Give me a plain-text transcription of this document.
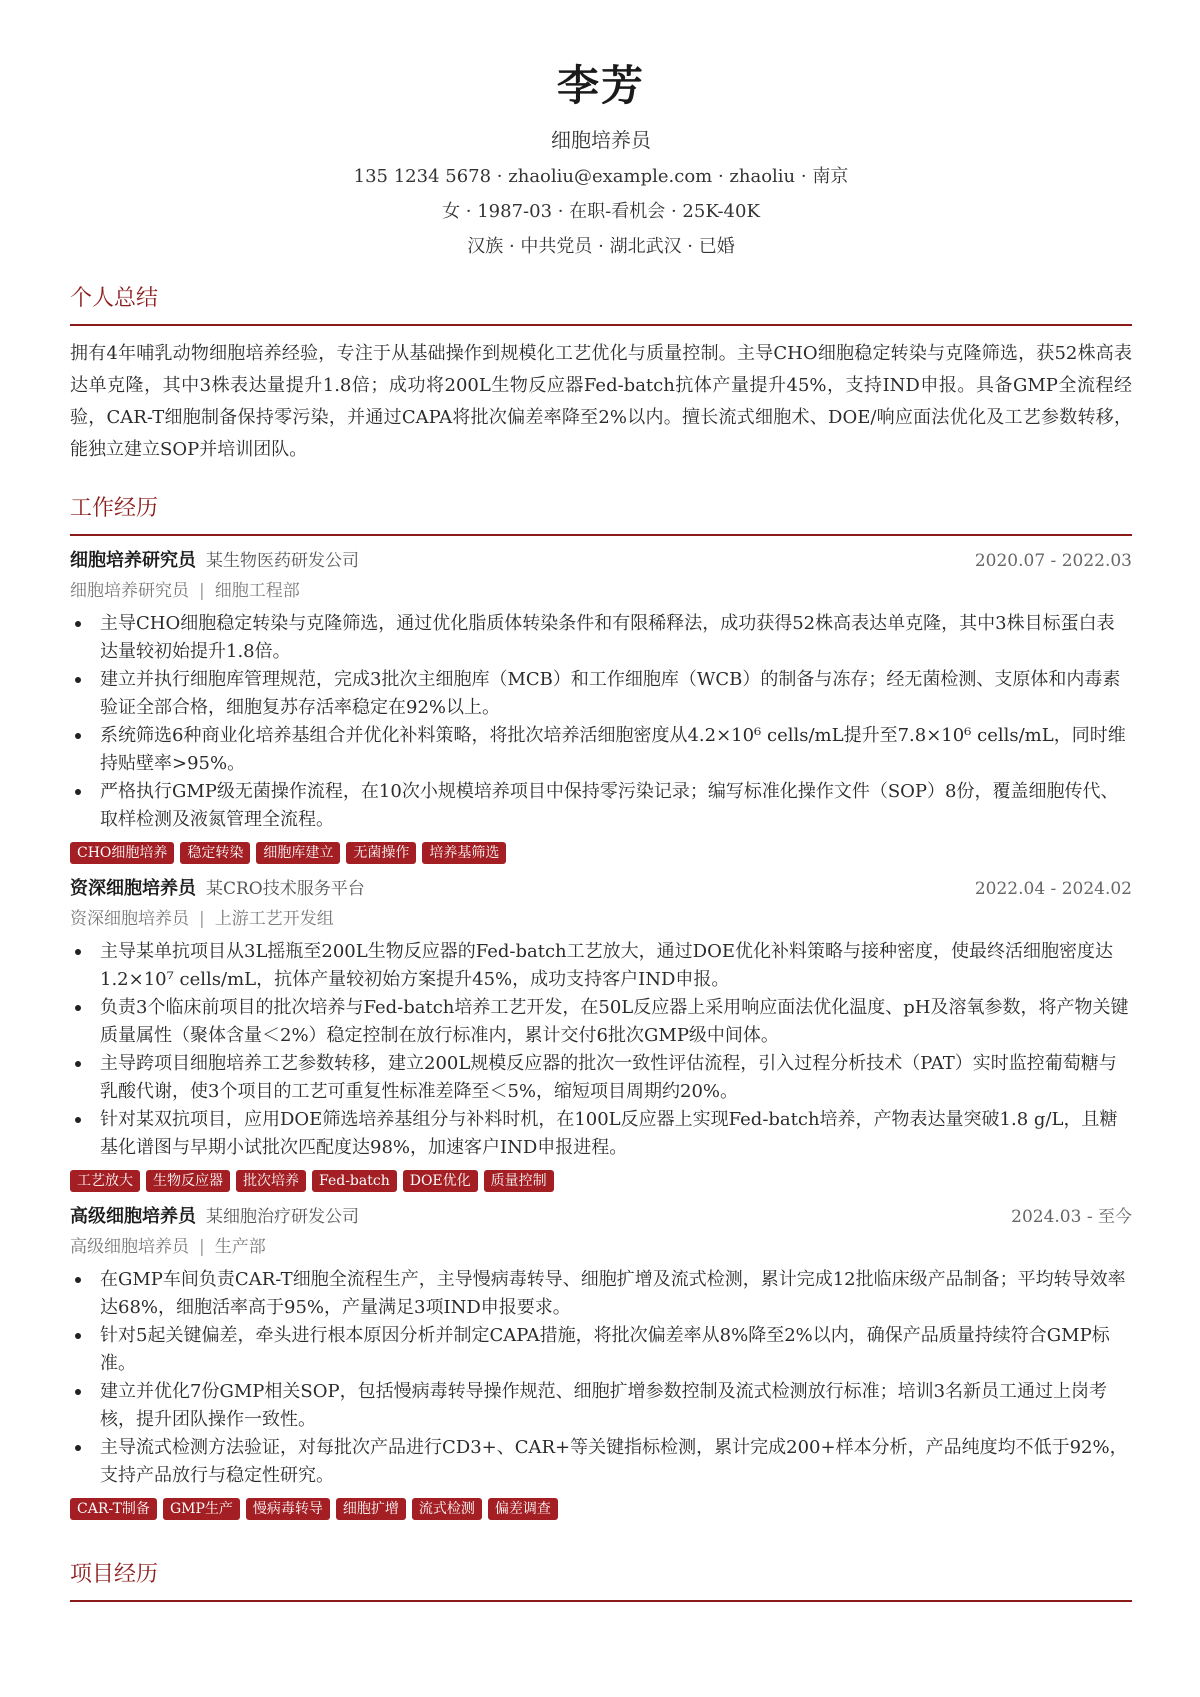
李芳
细胞培养员
135 1234 5678 · zhaoliu@example.com · zhaoliu · 南京
女 · 1987-03 · 在职-看机会 · 25K-40K
汉族 · 中共党员 · 湖北武汉 · 已婚
个人总结
拥有4年哺乳动物细胞培养经验，专注于从基础操作到规模化工艺优化与质量控制。主导CHO细胞稳定转染与克隆筛选，获52株高表达单克隆，其中3株表达量提升1.8倍；成功将200L生物反应器Fed-batch抗体产量提升45%，支持IND申报。具备GMP全流程经验，CAR-T细胞制备保持零污染，并通过CAPA将批次偏差率降至2%以内。擅长流式细胞术、DOE/响应面法优化及工艺参数转移，能独立建立SOP并培训团队。
工作经历
细胞培养研究员 某生物医药研发公司	2020.07 - 2022.03
细胞培养研究员 | 细胞工程部
主导CHO细胞稳定转染与克隆筛选，通过优化脂质体转染条件和有限稀释法，成功获得52株高表达单克隆，其中3株目标蛋白表达量较初始提升1.8倍。
建立并执行细胞库管理规范，完成3批次主细胞库（MCB）和工作细胞库（WCB）的制备与冻存；经无菌检测、支原体和内毒素验证全部合格，细胞复苏存活率稳定在92%以上。
系统筛选6种商业化培养基组合并优化补料策略，将批次培养活细胞密度从4.2×10⁶ cells/mL提升至7.8×10⁶ cells/mL，同时维持贴壁率>95%。
严格执行GMP级无菌操作流程，在10次小规模培养项目中保持零污染记录；编写标准化操作文件（SOP）8份，覆盖细胞传代、取样检测及液氮管理全流程。
CHO细胞培养	稳定转染	细胞库建立	无菌操作	培养基筛选
资深细胞培养员 某CRO技术服务平台	2022.04 - 2024.02
资深细胞培养员 | 上游工艺开发组
主导某单抗项目从3L摇瓶至200L生物反应器的Fed-batch工艺放大，通过DOE优化补料策略与接种密度，使最终活细胞密度达1.2×10⁷ cells/mL，抗体产量较初始方案提升45%，成功支持客户IND申报。
负责3个临床前项目的批次培养与Fed-batch培养工艺开发，在50L反应器上采用响应面法优化温度、pH及溶氧参数，将产物关键质量属性（聚体含量＜2%）稳定控制在放行标准内，累计交付6批次GMP级中间体。
主导跨项目细胞培养工艺参数转移，建立200L规模反应器的批次一致性评估流程，引入过程分析技术（PAT）实时监控葡萄糖与乳酸代谢，使3个项目的工艺可重复性标准差降至＜5%，缩短项目周期约20%。
针对某双抗项目，应用DOE筛选培养基组分与补料时机，在100L反应器上实现Fed-batch培养，产物表达量突破1.8 g/L，且糖基化谱图与早期小试批次匹配度达98%，加速客户IND申报进程。
工艺放大	生物反应器	批次培养	Fed-batch	DOE优化	质量控制
高级细胞培养员 某细胞治疗研发公司	2024.03 - 至今
高级细胞培养员 | 生产部
在GMP车间负责CAR-T细胞全流程生产，主导慢病毒转导、细胞扩增及流式检测，累计完成12批临床级产品制备；平均转导效率达68%，细胞活率高于95%，产量满足3项IND申报要求。
针对5起关键偏差，牵头进行根本原因分析并制定CAPA措施，将批次偏差率从8%降至2%以内，确保产品质量持续符合GMP标准。
建立并优化7份GMP相关SOP，包括慢病毒转导操作规范、细胞扩增参数控制及流式检测放行标准；培训3名新员工通过上岗考核，提升团队操作一致性。
主导流式检测方法验证，对每批次产品进行CD3+、CAR+等关键指标检测，累计完成200+样本分析，产品纯度均不低于92%，支持产品放行与稳定性研究。
CAR-T制备	GMP生产	慢病毒转导	细胞扩增	流式检测	偏差调查
项目经历
